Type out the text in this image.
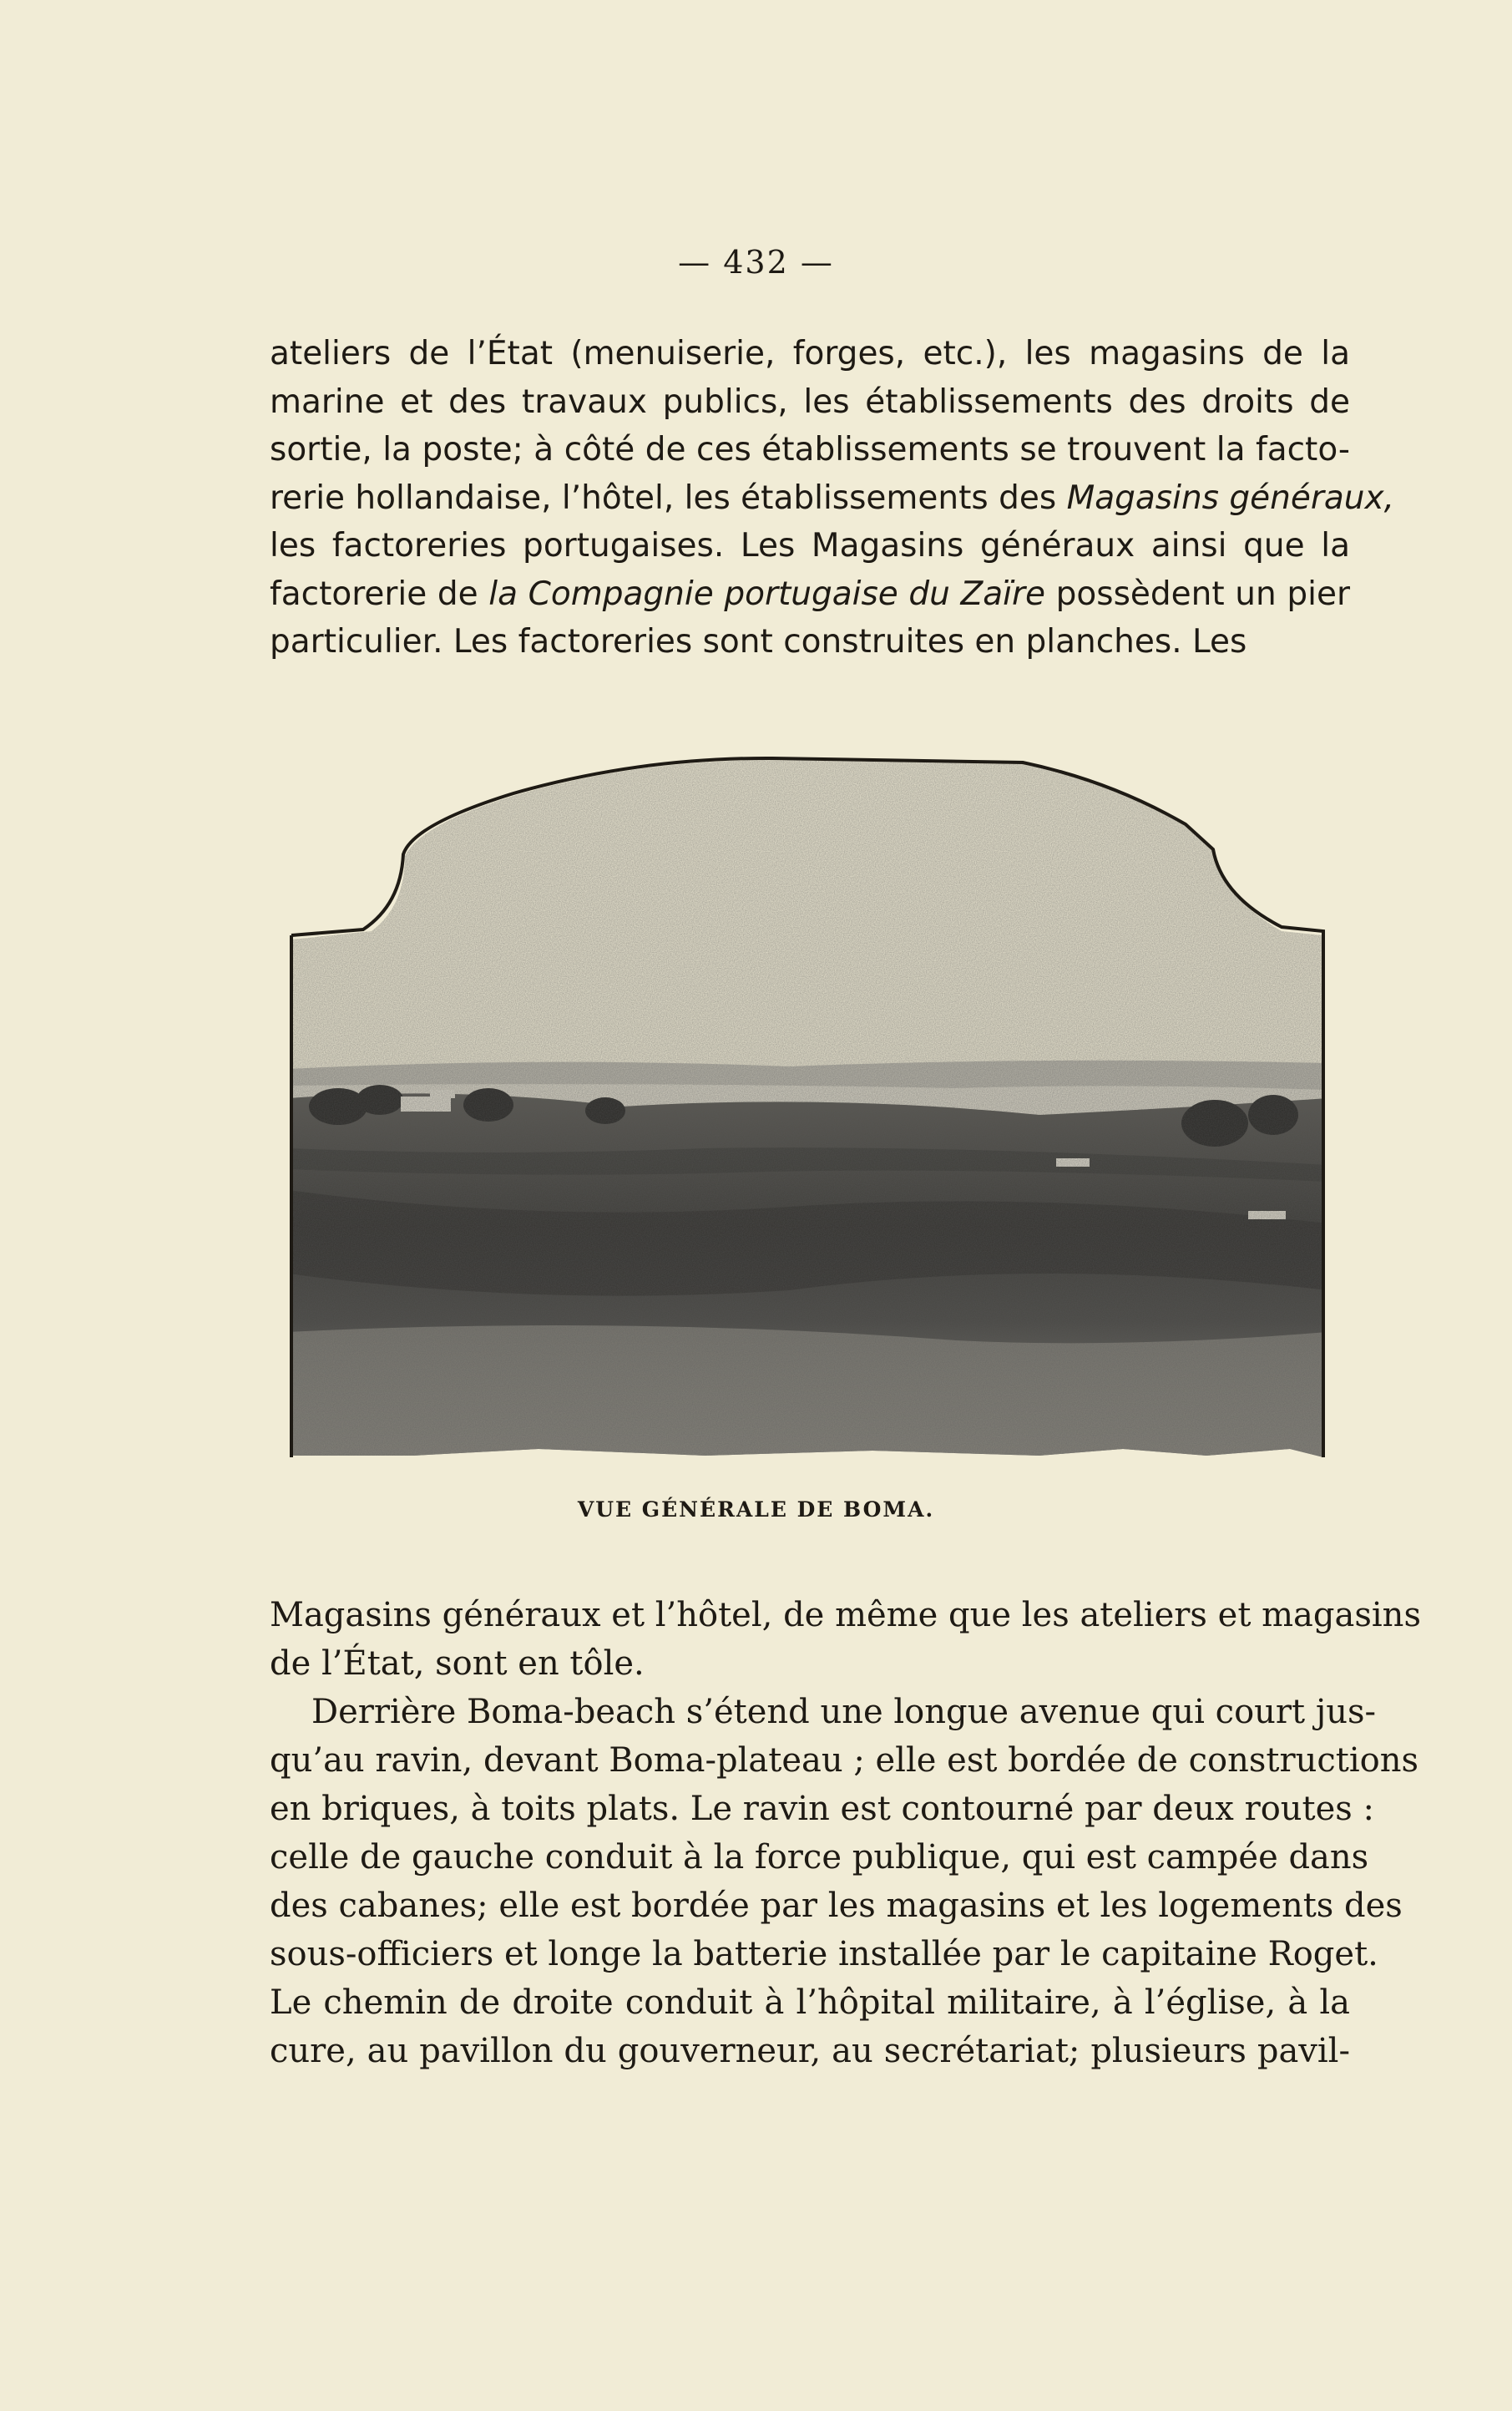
— 432 —
ateliers de l’État (menuiserie, forges, etc.), les magasins de la
marine et des travaux publics, les établissements des droits de
sortie, la poste; à côté de ces établissements se trouvent la facto-
rerie hollandaise, l’hôtel, les établissements des Magasins généraux,
les factoreries portugaises. Les Magasins généraux ainsi que la
factorerie de la Compagnie portugaise du Zaïre possèdent un pier
particulier. Les factoreries sont construites en planches. Les
VUE GÉNÉRALE DE BOMA.
Magasins généraux et l’hôtel, de même que les ateliers et magasins
de l’État, sont en tôle.
Derrière Boma-beach s’étend une longue avenue qui court jus-
qu’au ravin, devant Boma-plateau ; elle est bordée de constructions
en briques, à toits plats. Le ravin est contourné par deux routes :
celle de gauche conduit à la force publique, qui est campée dans
des cabanes; elle est bordée par les magasins et les logements des
sous-officiers et longe la batterie installée par le capitaine Roget.
Le chemin de droite conduit à l’hôpital militaire, à l’église, à la
cure, au pavillon du gouverneur, au secrétariat; plusieurs pavil-
